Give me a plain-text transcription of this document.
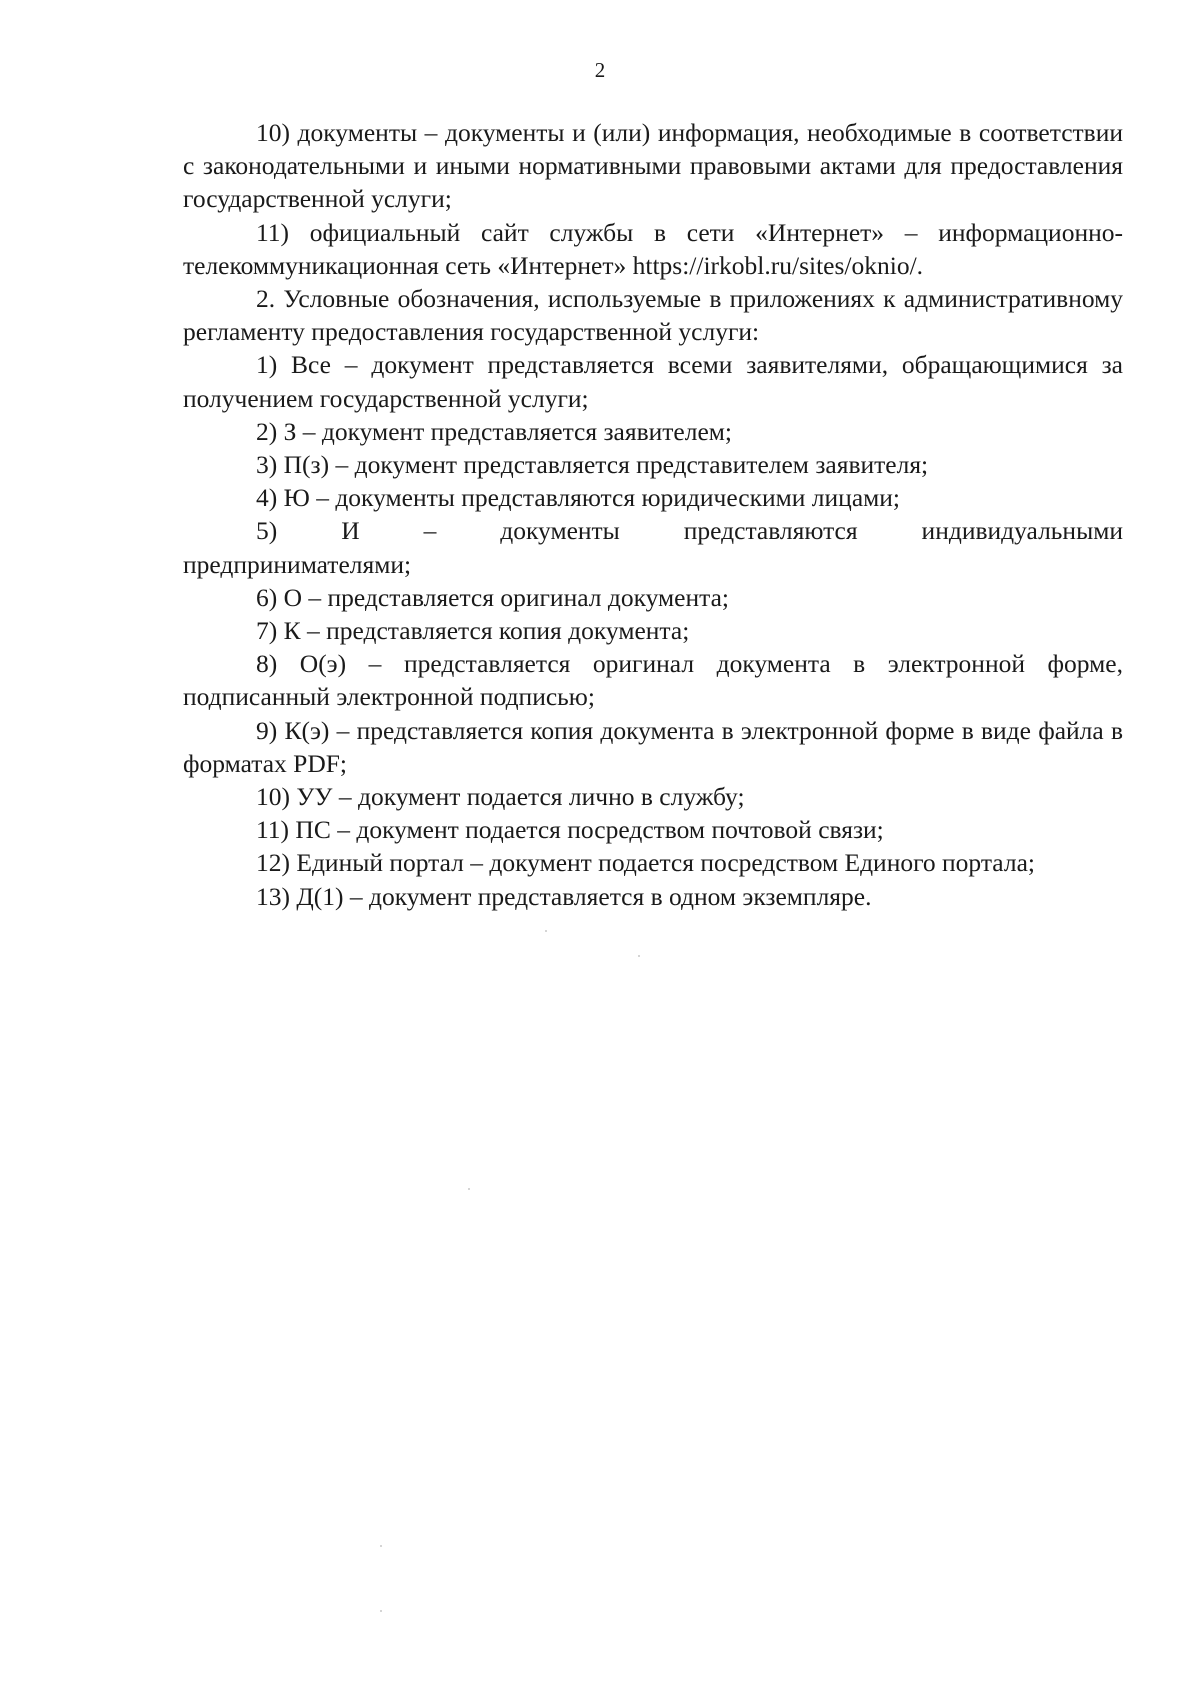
2

10) документы – документы и (или) информация, необходимые в соответствии с законодательными и иными нормативными правовыми актами для предоставления государственной услуги;

11) официальный сайт службы в сети «Интернет» – информационно-телекоммуникационная сеть «Интернет» https://irkobl.ru/sites/oknio/.

2. Условные обозначения, используемые в приложениях к административному регламенту предоставления государственной услуги:

1) Все – документ представляется всеми заявителями, обращающимися за получением государственной услуги;

2) З – документ представляется заявителем;

3) П(з) – документ представляется представителем заявителя;

4) Ю – документы представляются юридическими лицами;

5) И – документы представляются индивидуальными
предпринимателями;

6) О – представляется оригинал документа;

7) К – представляется копия документа;

8) О(э) – представляется оригинал документа в электронной форме, подписанный электронной подписью;

9) К(э) – представляется копия документа в электронной форме в виде файла в форматах PDF;

10) УУ – документ подается лично в службу;

11) ПС – документ подается посредством почтовой связи;

12) Единый портал – документ подается посредством Единого портала;

13) Д(1) – документ представляется в одном экземпляре.
